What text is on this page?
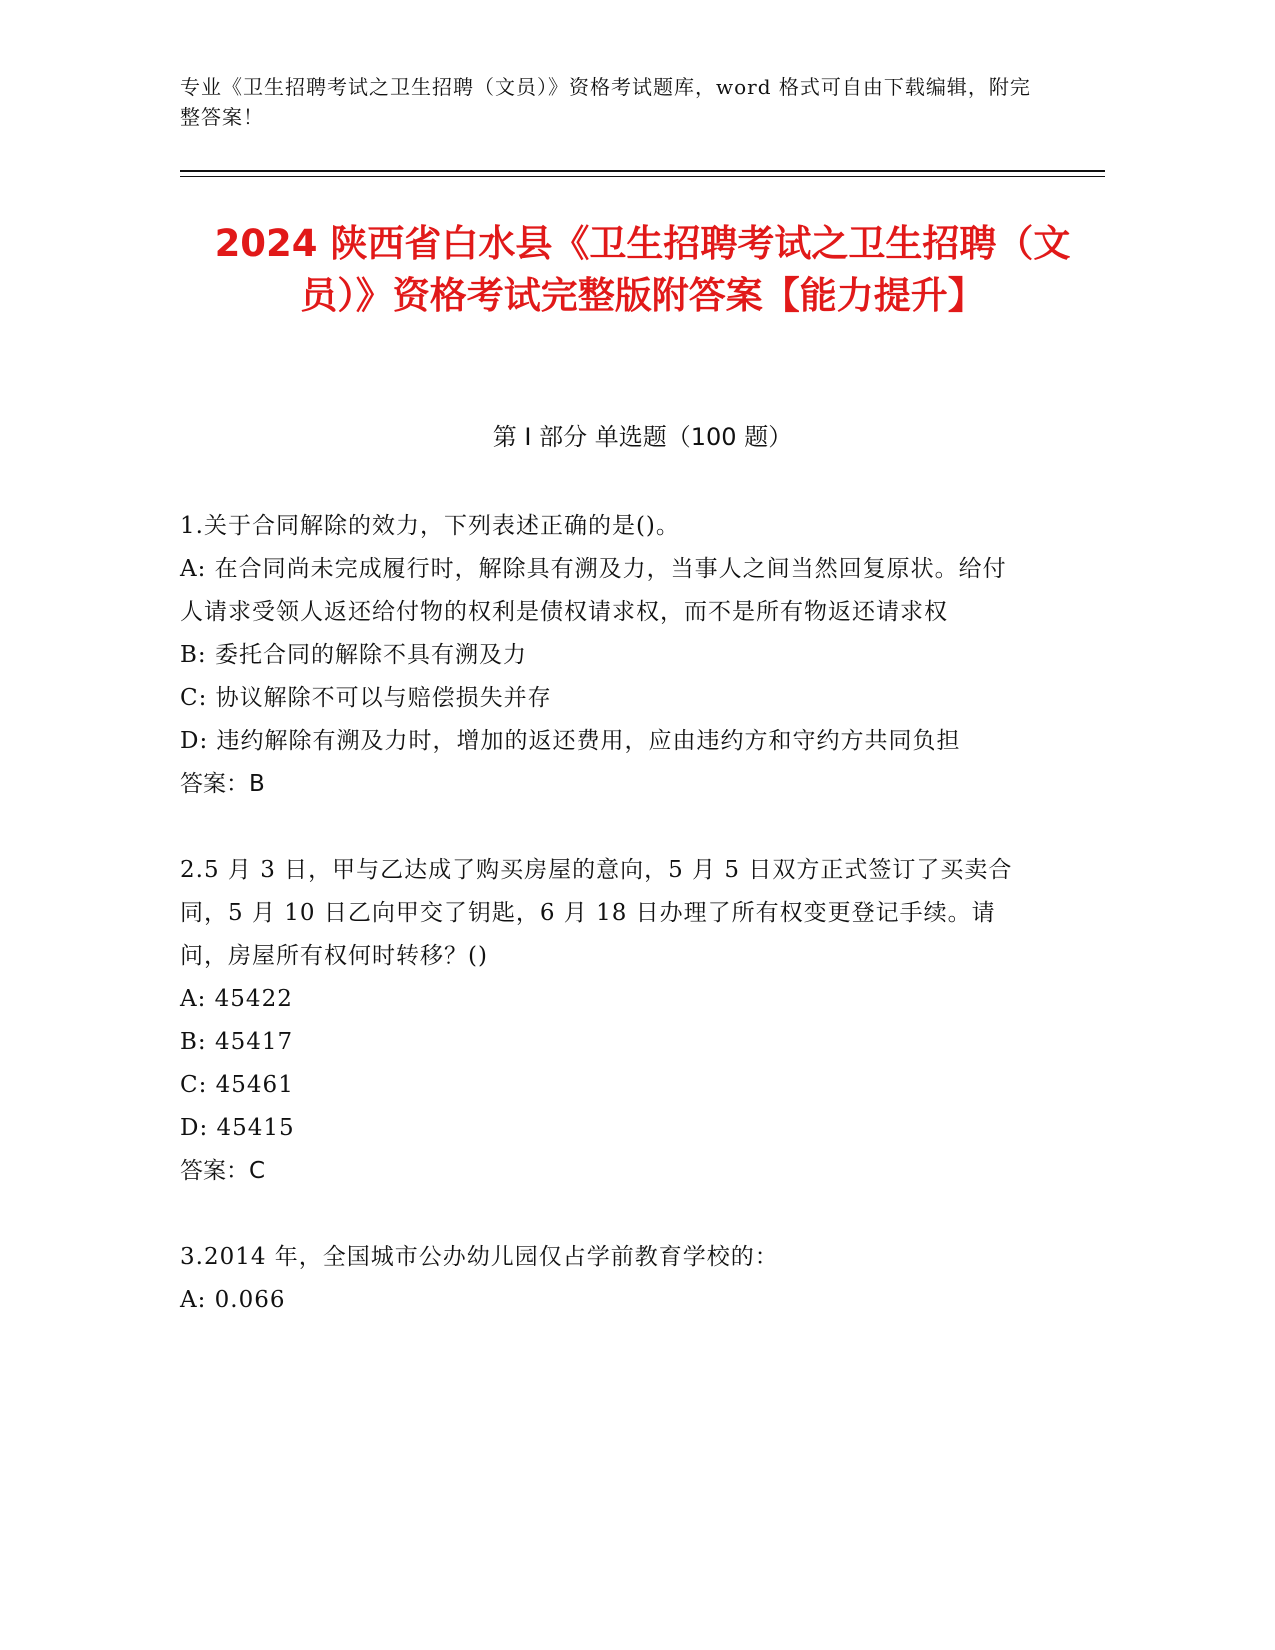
专业《卫生招聘考试之卫生招聘（文员）》资格考试题库，word 格式可自由下载编辑，附完整答案！
2024 陕西省白水县《卫生招聘考试之卫生招聘（文员）》资格考试完整版附答案【能力提升】
第 I 部分 单选题（100 题）

1.关于合同解除的效力，下列表述正确的是()。

A: 在合同尚未完成履行时，解除具有溯及力，当事人之间当然回复原状。给付人请求受领人返还给付物的权利是债权请求权，而不是所有物返还请求权

B: 委托合同的解除不具有溯及力

C: 协议解除不可以与赔偿损失并存

D: 违约解除有溯及力时，增加的返还费用，应由违约方和守约方共同负担

答案：B

2.5 月 3 日，甲与乙达成了购买房屋的意向，5 月 5 日双方正式签订了买卖合同，5 月 10 日乙向甲交了钥匙，6 月 18 日办理了所有权变更登记手续。请问，房屋所有权何时转移？()

A: 45422

B: 45417

C: 45461

D: 45415

答案：C

3.2014 年，全国城市公办幼儿园仅占学前教育学校的：

A: 0.066
